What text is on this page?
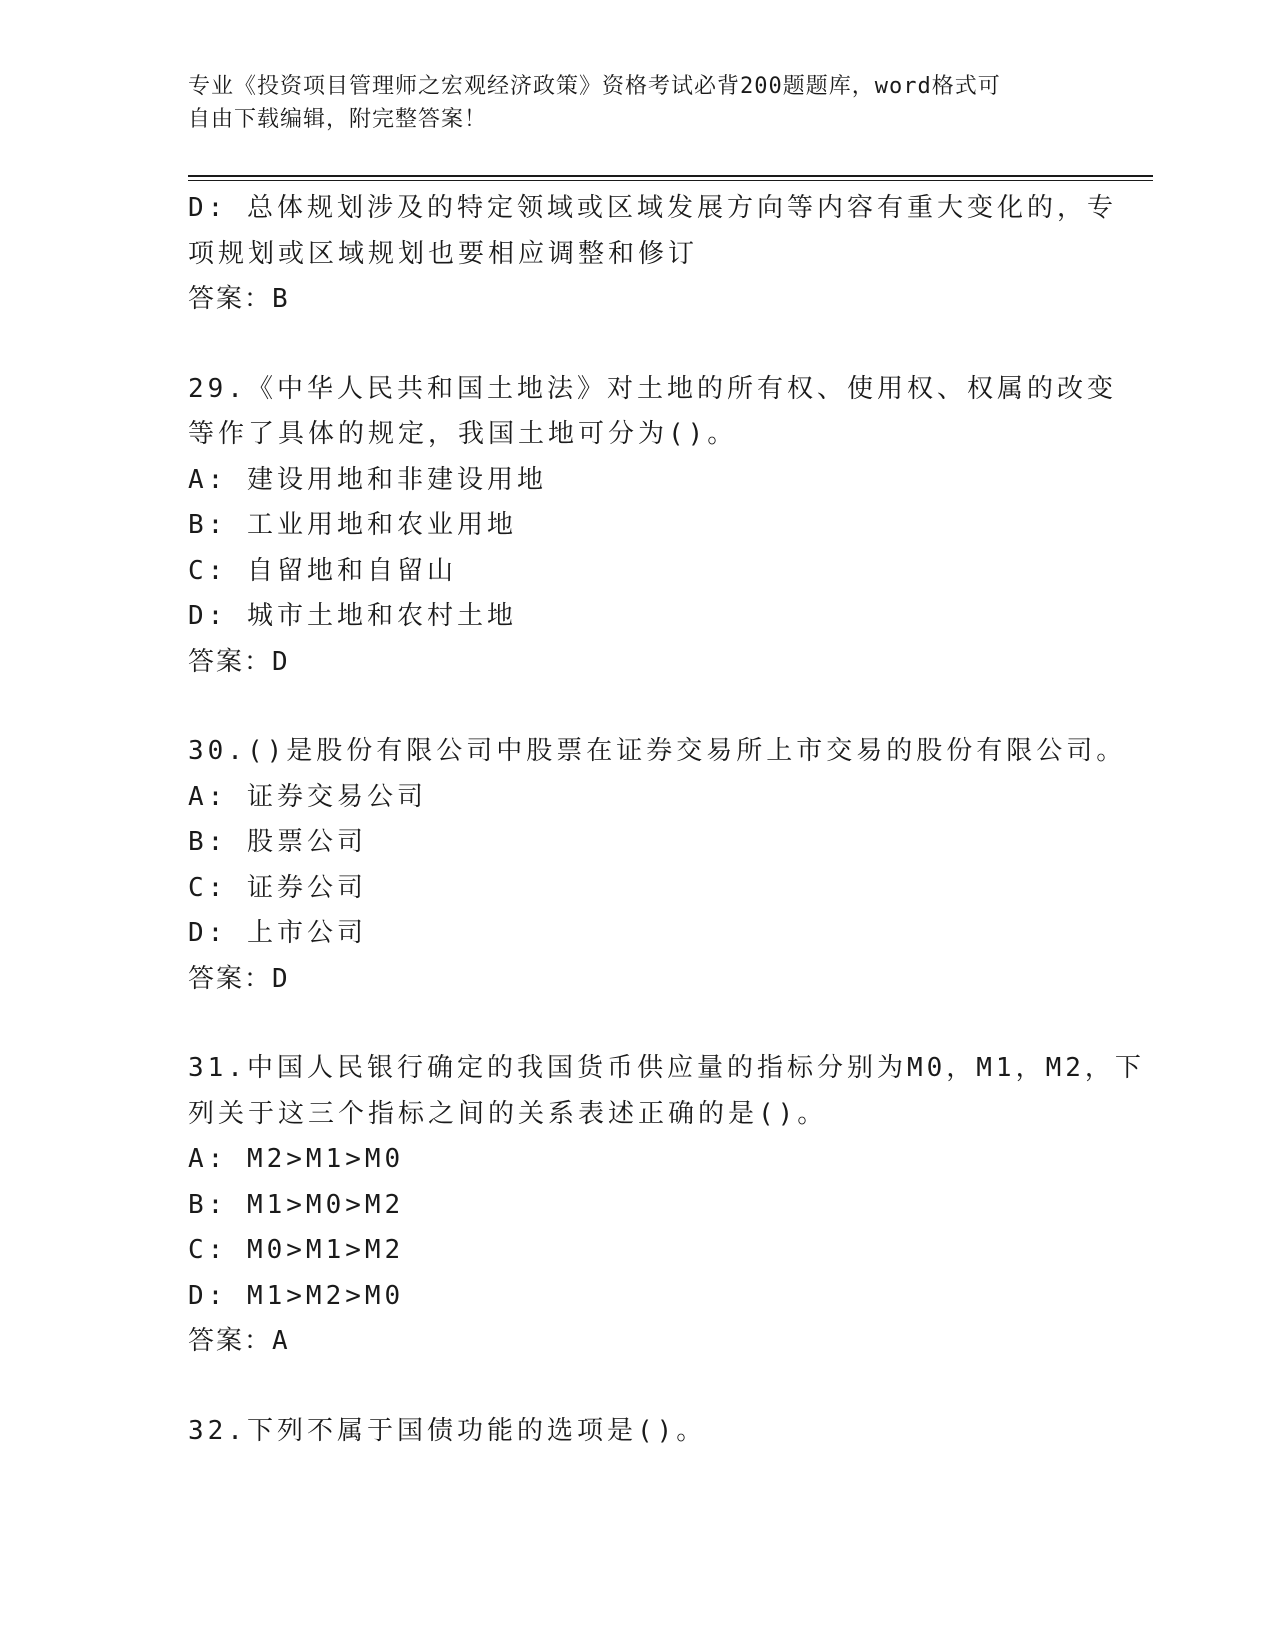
专业《投资项目管理师之宏观经济政策》资格考试必背200题题库，word格式可
自由下载编辑，附完整答案！
D: 总体规划涉及的特定领域或区域发展方向等内容有重大变化的，专
项规划或区域规划也要相应调整和修订
答案：B
29.《中华人民共和国土地法》对土地的所有权、使用权、权属的改变
等作了具体的规定，我国土地可分为()。
A: 建设用地和非建设用地
B: 工业用地和农业用地
C: 自留地和自留山
D: 城市土地和农村土地
答案：D
30.()是股份有限公司中股票在证券交易所上市交易的股份有限公司。
A: 证券交易公司
B: 股票公司
C: 证券公司
D: 上市公司
答案：D
31.中国人民银行确定的我国货币供应量的指标分别为M0，M1，M2，下
列关于这三个指标之间的关系表述正确的是()。
A: M2>M1>M0
B: M1>M0>M2
C: M0>M1>M2
D: M1>M2>M0
答案：A
32.下列不属于国债功能的选项是()。
